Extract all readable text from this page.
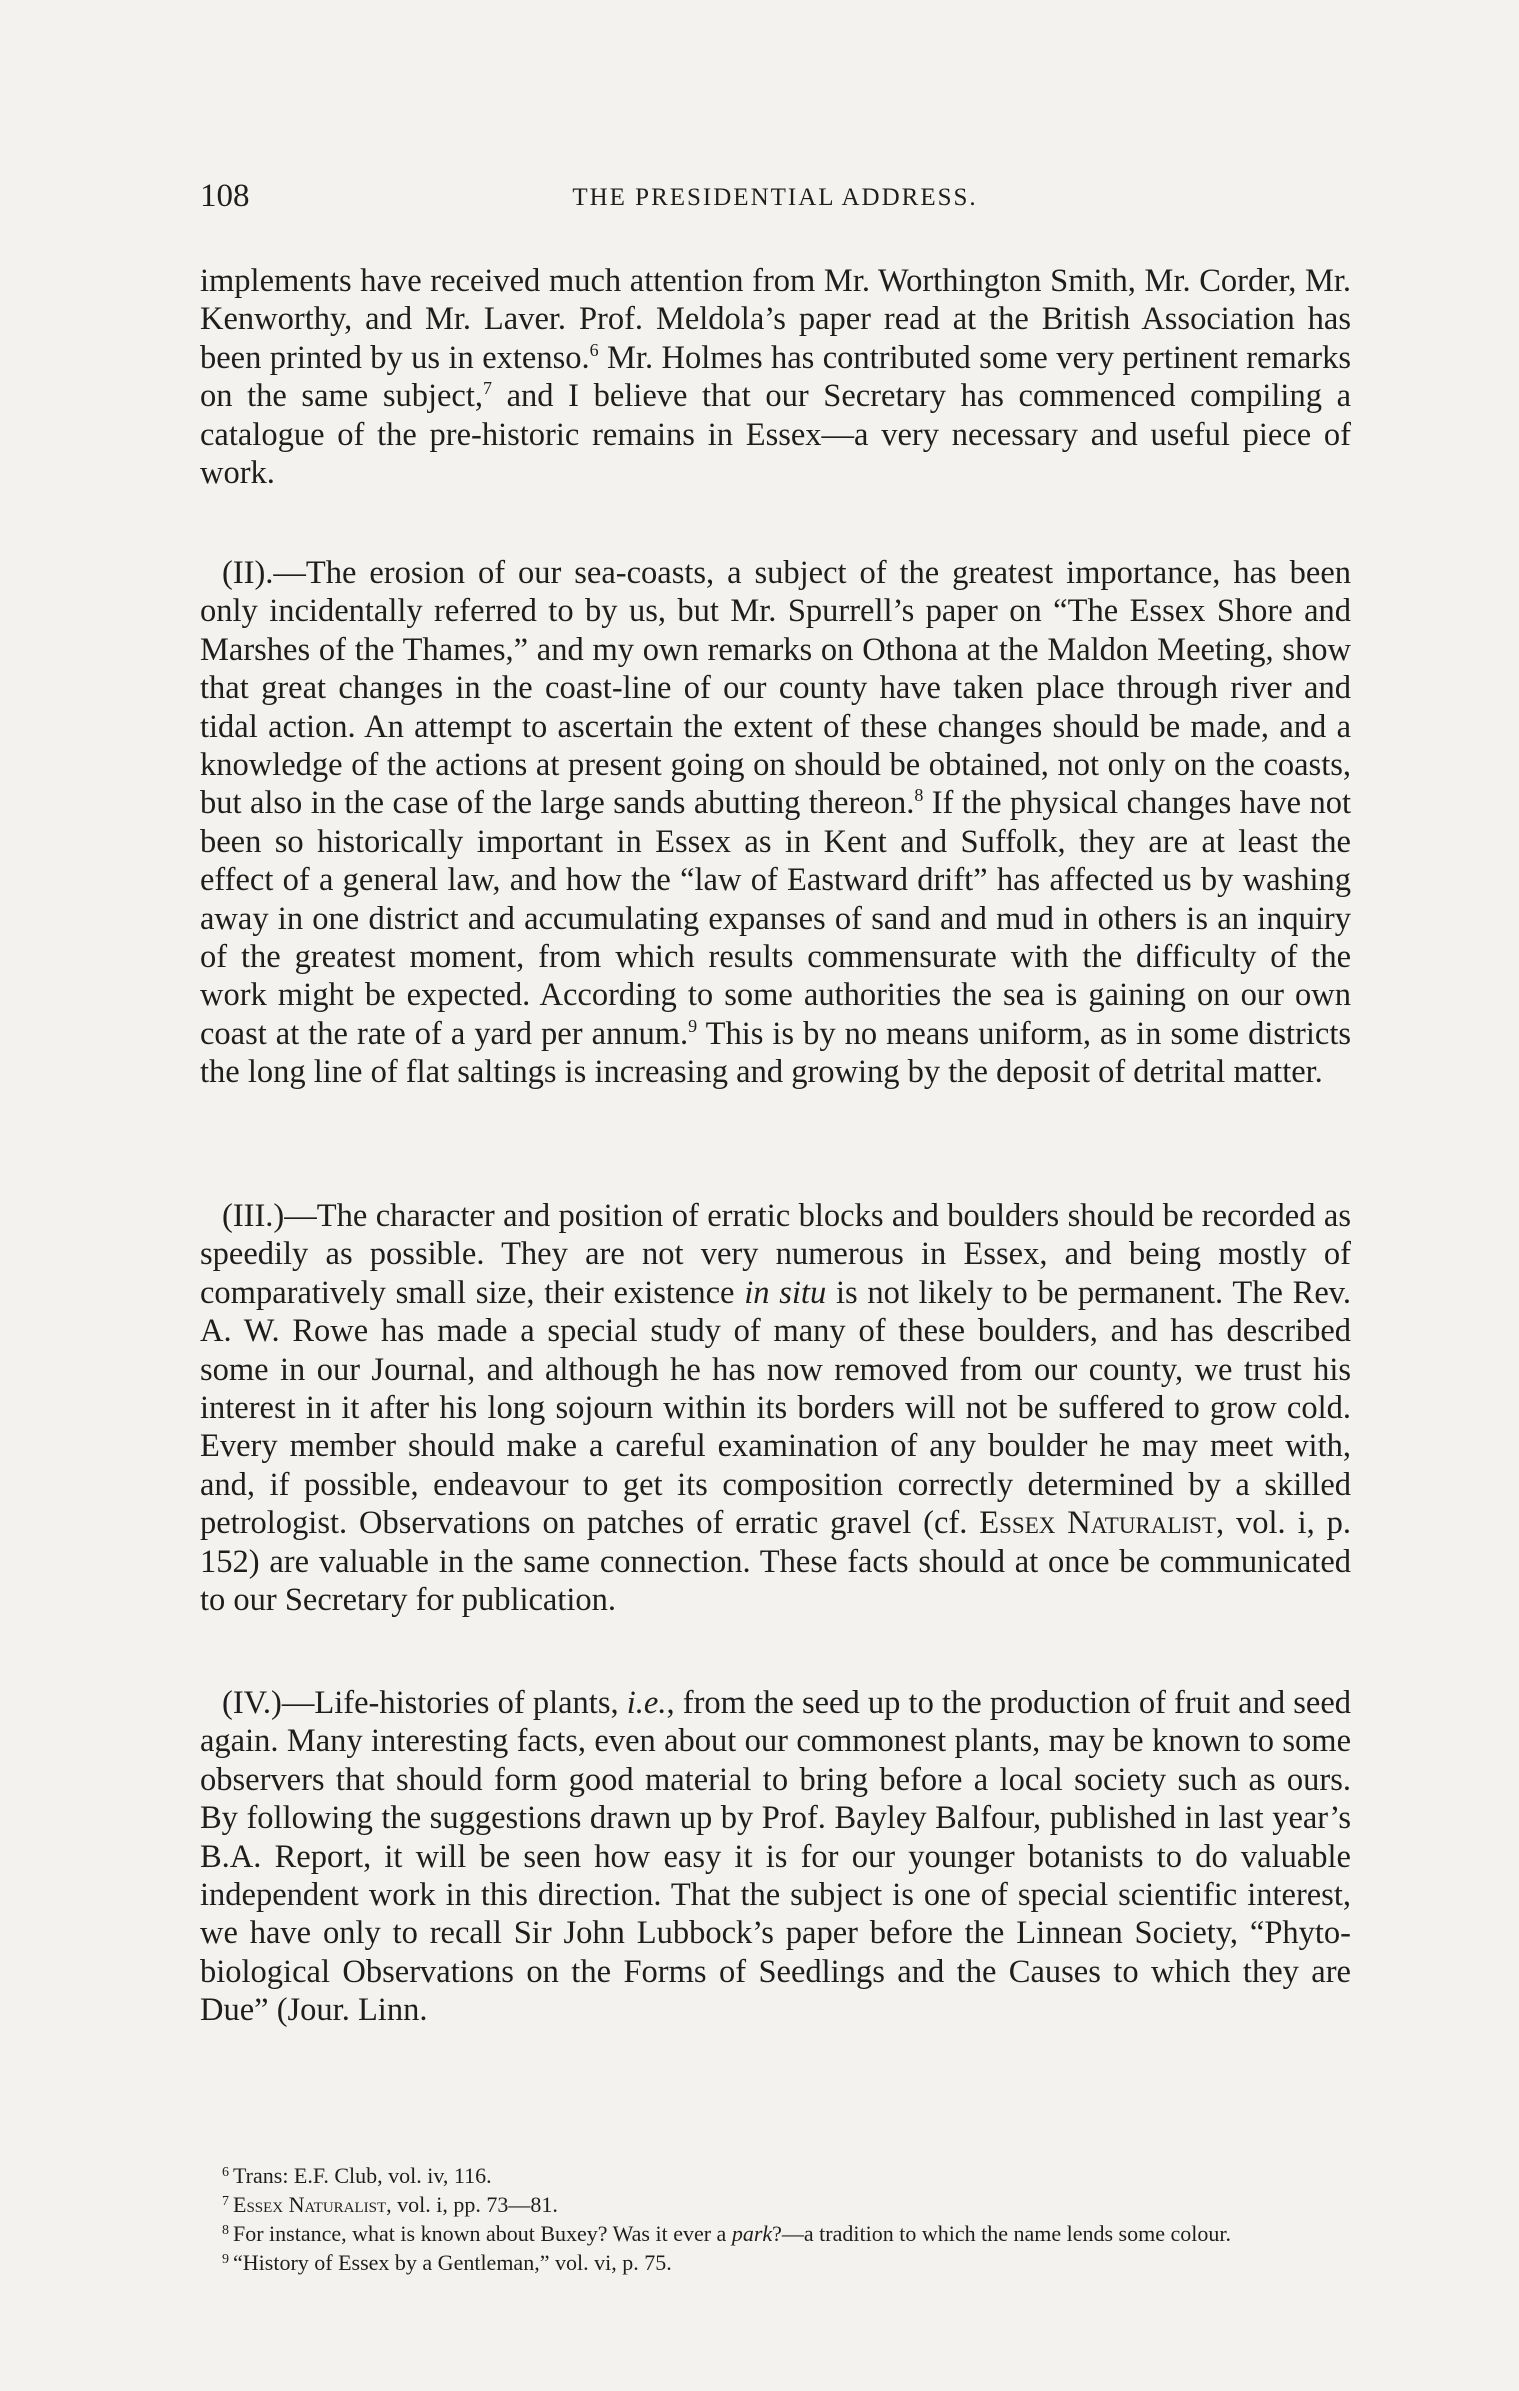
108	THE PRESIDENTIAL ADDRESS.

implements have received much attention from Mr. Worthington Smith, Mr. Corder, Mr. Kenworthy, and Mr. Laver. Prof. Meldola’s paper read at the British Association has been printed by us in extenso.$^6$ Mr. Holmes has contributed some very pertinent remarks on the same subject,$^7$ and I believe that our Secretary has commenced compiling a catalogue of the pre-historic remains in Essex—a very necessary and useful piece of work.

(II).—The erosion of our sea-coasts, a subject of the greatest importance, has been only incidentally referred to by us, but Mr. Spurrell’s paper on “The Essex Shore and Marshes of the Thames,” and my own remarks on Othona at the Maldon Meeting, show that great changes in the coast-line of our county have taken place through river and tidal action. An attempt to ascertain the extent of these changes should be made, and a knowledge of the actions at present going on should be obtained, not only on the coasts, but also in the case of the large sands abutting thereon.$^8$ If the physical changes have not been so historically important in Essex as in Kent and Suffolk, they are at least the effect of a general law, and how the “law of Eastward drift” has affected us by washing away in one district and accumulating expanses of sand and mud in others is an inquiry of the greatest moment, from which results commensurate with the difficulty of the work might be expected. According to some authorities the sea is gaining on our own coast at the rate of a yard per annum.$^9$ This is by no means uniform, as in some districts the long line of flat saltings is increasing and growing by the deposit of detrital matter.

(III.)—The character and position of erratic blocks and boulders should be recorded as speedily as possible. They are not very numerous in Essex, and being mostly of comparatively small size, their existence in situ is not likely to be permanent. The Rev. A. W. Rowe has made a special study of many of these boulders, and has described some in our Journal, and although he has now removed from our county, we trust his interest in it after his long sojourn within its borders will not be suffered to grow cold. Every member should make a careful examination of any boulder he may meet with, and, if possible, endeavour to get its composition correctly determined by a skilled petrologist. Observations on patches of erratic gravel (cf. Essex Naturalist, vol. i, p. 152) are valuable in the same connection. These facts should at once be communicated to our Secretary for publication.

(IV.)—Life-histories of plants, i.e., from the seed up to the production of fruit and seed again. Many interesting facts, even about our commonest plants, may be known to some observers that should form good material to bring before a local society such as ours. By following the suggestions drawn up by Prof. Bayley Balfour, published in last year’s B.A. Report, it will be seen how easy it is for our younger botanists to do valuable independent work in this direction. That the subject is one of special scientific interest, we have only to recall Sir John Lubbock’s paper before the Linnean Society, “Phyto-biological Observations on the Forms of Seedlings and the Causes to which they are Due” (Jour. Linn.

$^6$ Trans: E.F. Club, vol. iv, 116.

$^7$ Essex Naturalist, vol. i, pp. 73—81.

$^8$ For instance, what is known about Buxey? Was it ever a park?—a tradition to which the name lends some colour.

$^9$ “History of Essex by a Gentleman,” vol. vi, p. 75.
